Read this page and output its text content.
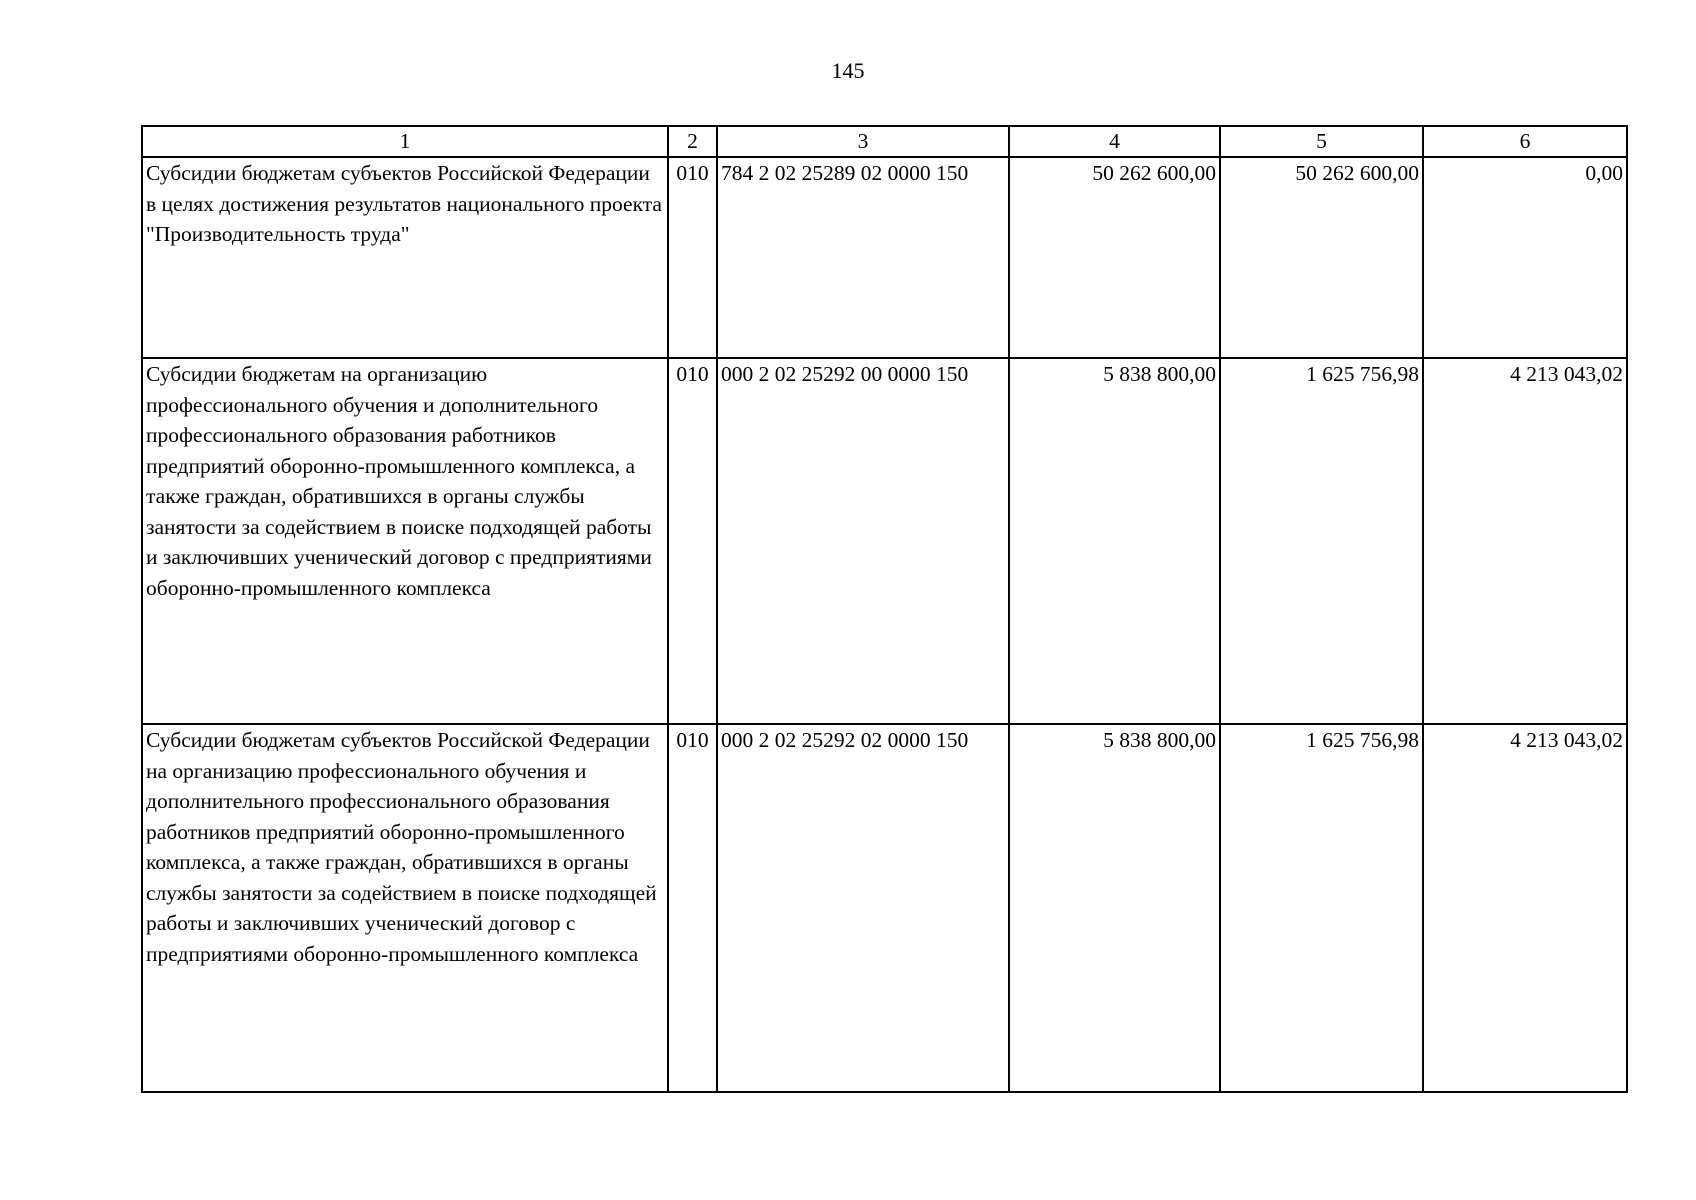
145
1	2	3	4	5	6
Субсидии бюджетам субъектов Российской Федерации в целях достижения результатов национального проекта "Производительность труда"	010	784 2 02 25289 02 0000 150	50 262 600,00	50 262 600,00	0,00
Субсидии бюджетам на организацию профессионального обучения и дополнительного профессионального образования работников предприятий оборонно-промышленного комплекса, а также граждан, обратившихся в органы службы занятости за содействием в поиске подходящей работы и заключивших ученический договор с предприятиями оборонно-промышленного комплекса	010	000 2 02 25292 00 0000 150	5 838 800,00	1 625 756,98	4 213 043,02
Субсидии бюджетам субъектов Российской Федерации на организацию профессионального обучения и дополнительного профессионального образования работников предприятий оборонно-промышленного комплекса, а также граждан, обратившихся в органы службы занятости за содействием в поиске подходящей работы и заключивших ученический договор с предприятиями оборонно-промышленного комплекса	010	000 2 02 25292 02 0000 150	5 838 800,00	1 625 756,98	4 213 043,02
